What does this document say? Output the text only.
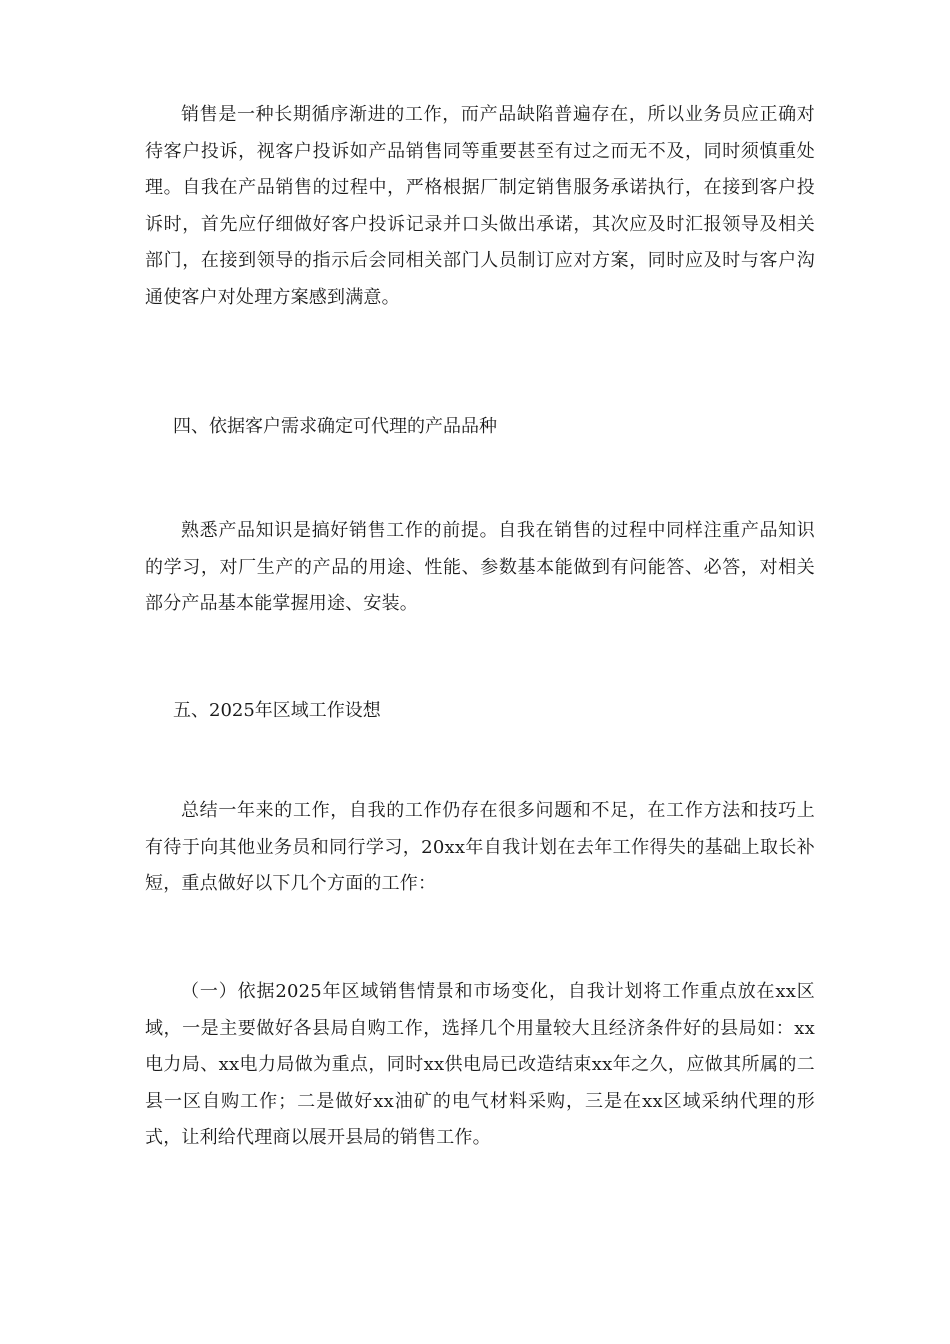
销售是一种长期循序渐进的工作，而产品缺陷普遍存在，所以业务员应正确对待客户投诉，视客户投诉如产品销售同等重要甚至有过之而无不及，同时须慎重处理。自我在产品销售的过程中，严格根据厂制定销售服务承诺执行，在接到客户投诉时，首先应仔细做好客户投诉记录并口头做出承诺，其次应及时汇报领导及相关部门，在接到领导的指示后会同相关部门人员制订应对方案，同时应及时与客户沟通使客户对处理方案感到满意。

四、依据客户需求确定可代理的产品品种

熟悉产品知识是搞好销售工作的前提。自我在销售的过程中同样注重产品知识的学习，对厂生产的产品的用途、性能、参数基本能做到有问能答、必答，对相关部分产品基本能掌握用途、安装。

五、2025年区域工作设想

总结一年来的工作，自我的工作仍存在很多问题和不足，在工作方法和技巧上有待于向其他业务员和同行学习，20xx年自我计划在去年工作得失的基础上取长补短，重点做好以下几个方面的工作：

（一）依据2025年区域销售情景和市场变化，自我计划将工作重点放在xx区域，一是主要做好各县局自购工作，选择几个用量较大且经济条件好的县局如：xx电力局、xx电力局做为重点，同时xx供电局已改造结束xx年之久，应做其所属的二县一区自购工作；二是做好xx油矿的电气材料采购，三是在xx区域采纳代理的形式，让利给代理商以展开县局的销售工作。
